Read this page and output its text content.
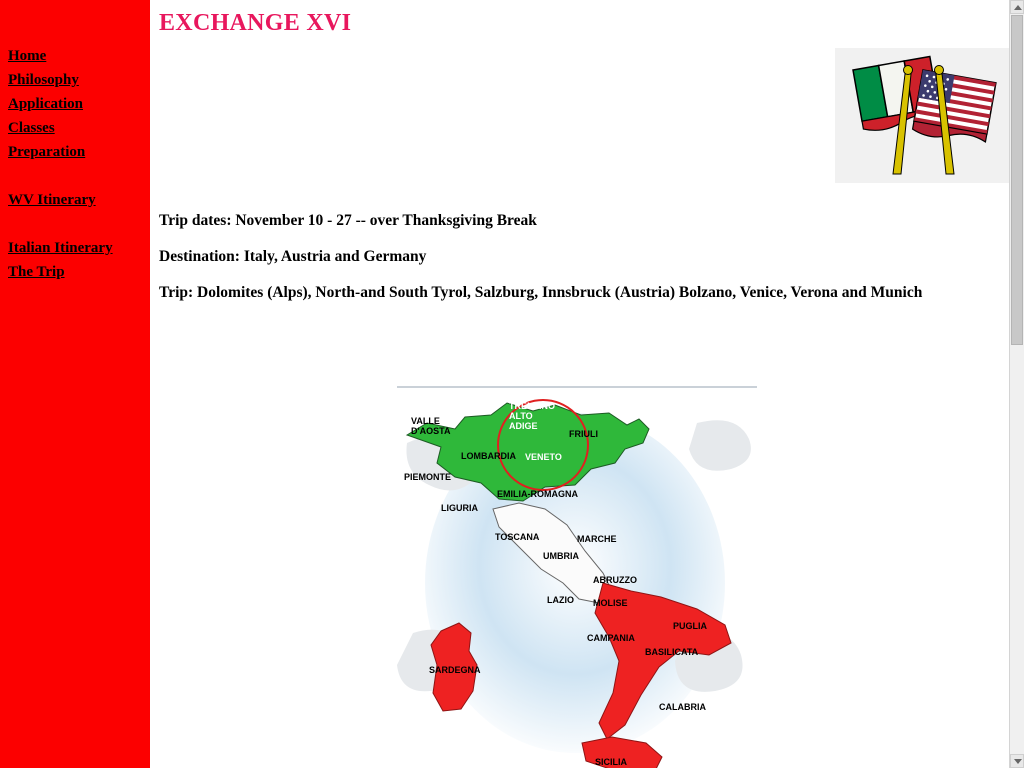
Home
Philosophy
Application
Classes
Preparation
WV Itinerary
Italian Itinerary
The Trip
EXCHANGE XVI

Trip dates: November 10 - 27 -- over Thanksgiving Break

Destination: Italy, Austria and Germany

Trip: Dolomites (Alps), North-and South Tyrol, Salzburg, Innsbruck (Austria) Bolzano, Venice, Verona and Munich

VALLE
D'AOSTA
PIEMONTE
LOMBARDIA
FRIULI
LIGURIA
EMILIA-ROMAGNA
TOSCANA	MARCHE
UMBRIA
ABRUZZO
LAZIO MOLISE
CAMPANIA
PUGLIA
BASILICATA
CALABRIA
SARDEGNA
SICILIA
TRENTINO
ALTO
ADIGE
VENETO
